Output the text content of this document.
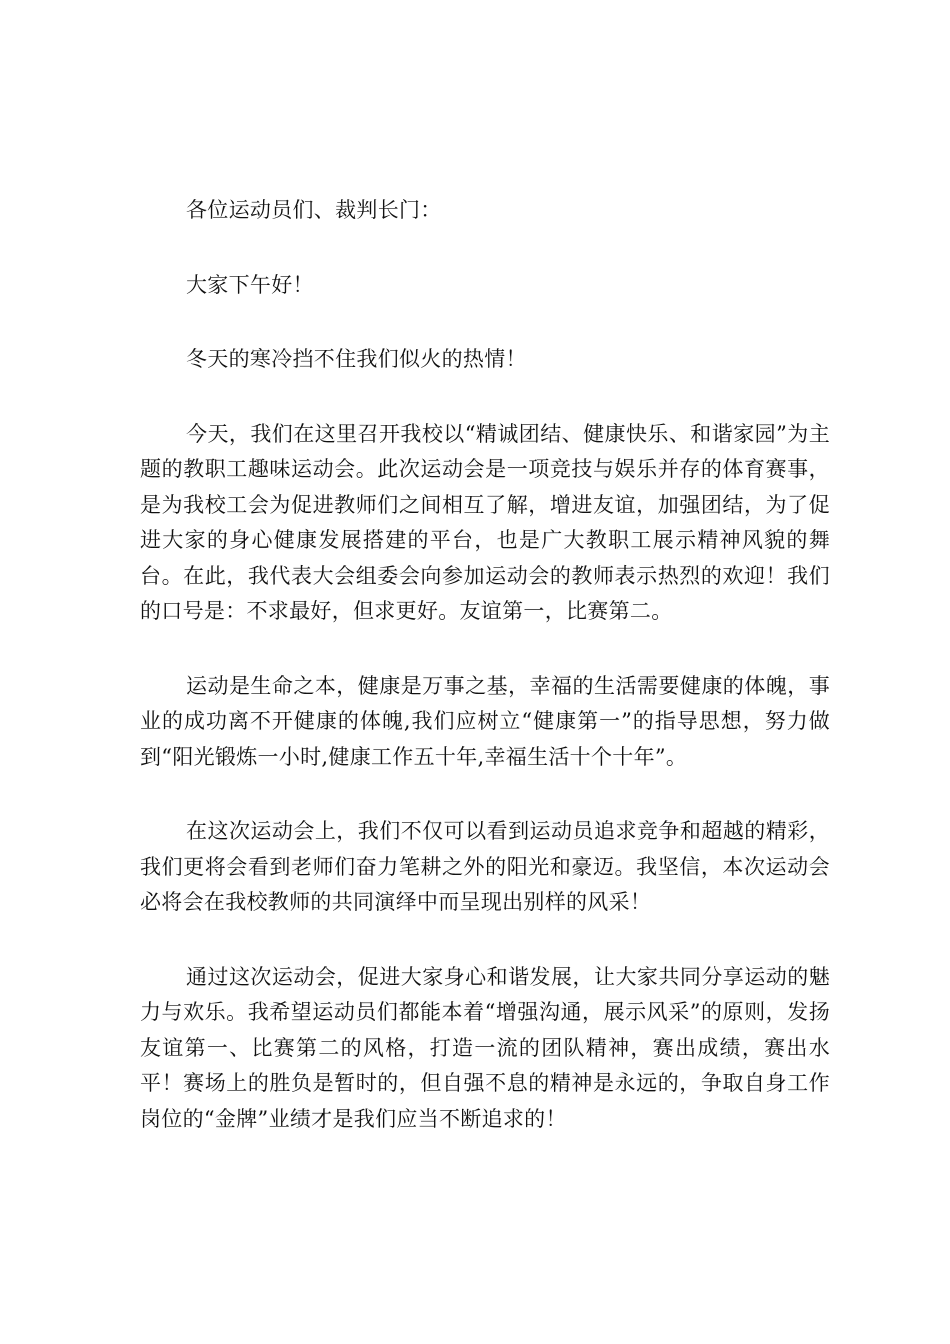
各位运动员们、裁判长门：

大家下午好！

冬天的寒冷挡不住我们似火的热情！

今天，我们在这里召开我校以“精诚团结、健康快乐、和谐家园”为主题的教职工趣味运动会。此次运动会是一项竞技与娱乐并存的体育赛事，是为我校工会为促进教师们之间相互了解，增进友谊，加强团结，为了促进大家的身心健康发展搭建的平台，也是广大教职工展示精神风貌的舞台。在此，我代表大会组委会向参加运动会的教师表示热烈的欢迎！我们的口号是：不求最好，但求更好。友谊第一，比赛第二。

运动是生命之本，健康是万事之基，幸福的生活需要健康的体魄，事业的成功离不开健康的体魄,我们应树立“健康第一”的指导思想，努力做到“阳光锻炼一小时,健康工作五十年,幸福生活十个十年”。

在这次运动会上，我们不仅可以看到运动员追求竞争和超越的精彩，我们更将会看到老师们奋力笔耕之外的阳光和豪迈。我坚信，本次运动会必将会在我校教师的共同演绎中而呈现出别样的风采！

通过这次运动会，促进大家身心和谐发展，让大家共同分享运动的魅力与欢乐。我希望运动员们都能本着“增强沟通，展示风采”的原则，发扬友谊第一、比赛第二的风格，打造一流的团队精神，赛出成绩，赛出水平！赛场上的胜负是暂时的，但自强不息的精神是永远的，争取自身工作岗位的“金牌”业绩才是我们应当不断追求的！
